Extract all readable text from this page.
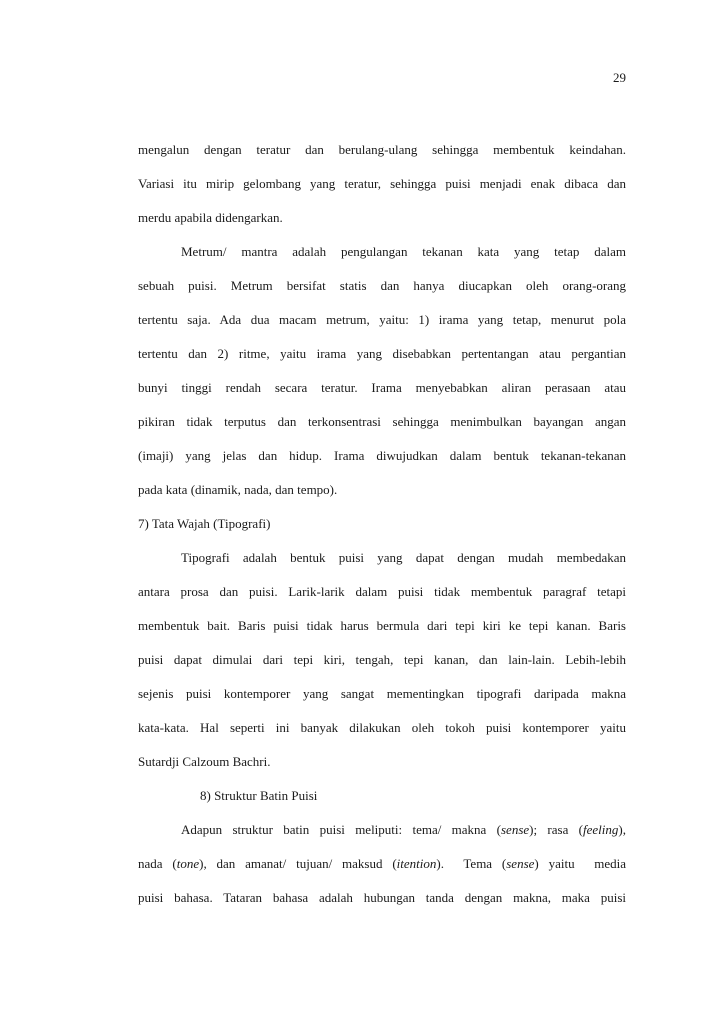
29
mengalun dengan teratur dan berulang-ulang sehingga membentuk keindahan.
Variasi itu mirip gelombang yang teratur, sehingga puisi menjadi enak dibaca dan
merdu apabila didengarkan.
Metrum/ mantra adalah pengulangan tekanan kata yang tetap dalam
sebuah puisi. Metrum bersifat statis dan hanya diucapkan oleh orang-orang
tertentu saja. Ada dua macam metrum, yaitu: 1) irama yang tetap, menurut pola
tertentu dan 2) ritme, yaitu irama yang disebabkan pertentangan atau pergantian
bunyi tinggi rendah secara teratur. Irama menyebabkan aliran perasaan atau
pikiran tidak terputus dan terkonsentrasi sehingga menimbulkan bayangan angan
(imaji) yang jelas dan hidup. Irama diwujudkan dalam bentuk tekanan-tekanan
pada kata (dinamik, nada, dan tempo).
7) Tata Wajah (Tipografi)
Tipografi adalah bentuk puisi yang dapat dengan mudah membedakan
antara prosa dan puisi. Larik-larik dalam puisi tidak membentuk paragraf tetapi
membentuk bait. Baris puisi tidak harus bermula dari tepi kiri ke tepi kanan. Baris
puisi dapat dimulai dari tepi kiri, tengah, tepi kanan, dan lain-lain. Lebih-lebih
sejenis puisi kontemporer yang sangat mementingkan tipografi daripada makna
kata-kata. Hal seperti ini banyak dilakukan oleh tokoh puisi kontemporer yaitu
Sutardji Calzoum Bachri.
8) Struktur Batin Puisi
Adapun struktur batin puisi meliputi: tema/ makna (sense); rasa (feeling),
nada (tone), dan amanat/ tujuan/ maksud (itention).  Tema (sense) yaitu  media
puisi bahasa. Tataran bahasa adalah hubungan tanda dengan makna, maka puisi
